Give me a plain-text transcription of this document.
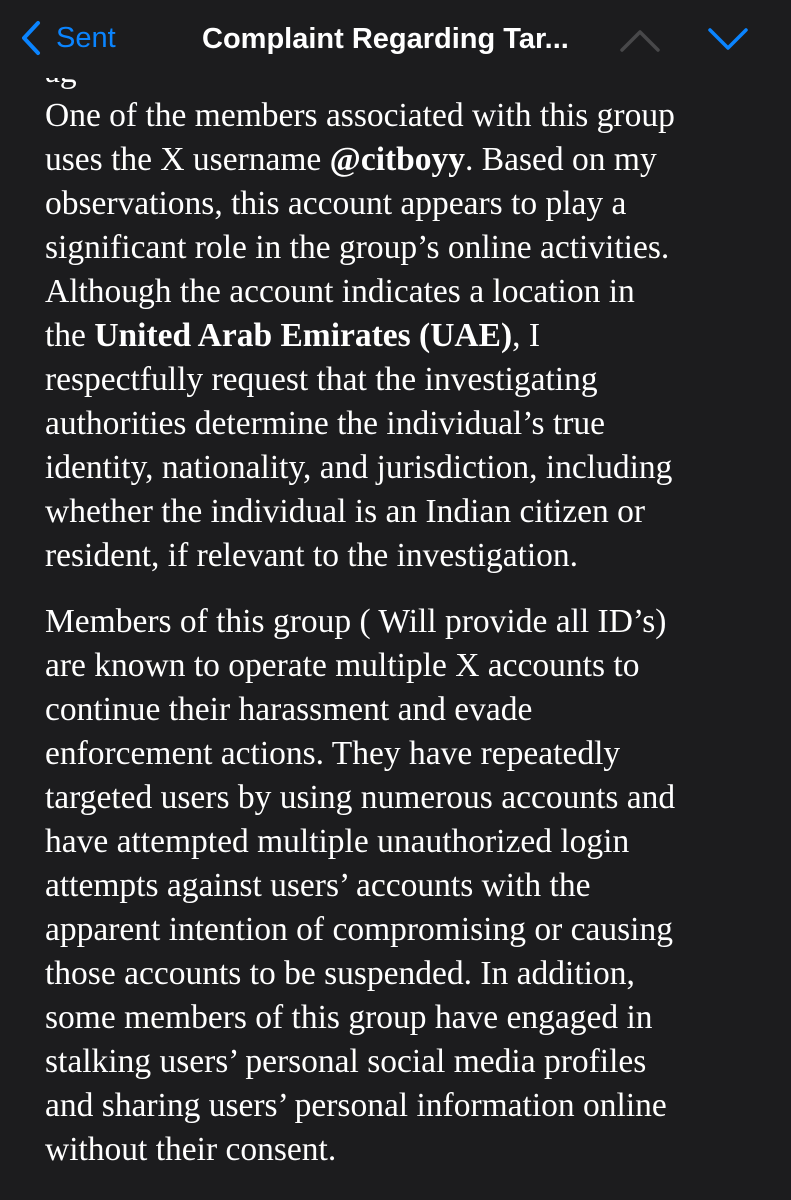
Sent	Complaint Regarding Tar...

One of the members associated with this group
uses the X username @citboyy. Based on my
observations, this account appears to play a
significant role in the group’s online activities.
Although the account indicates a location in
the United Arab Emirates (UAE), I
respectfully request that the investigating
authorities determine the individual’s true
identity, nationality, and jurisdiction, including
whether the individual is an Indian citizen or
resident, if relevant to the investigation.

Members of this group ( Will provide all ID’s)
are known to operate multiple X accounts to
continue their harassment and evade
enforcement actions. They have repeatedly
targeted users by using numerous accounts and
have attempted multiple unauthorized login
attempts against users’ accounts with the
apparent intention of compromising or causing
those accounts to be suspended. In addition,
some members of this group have engaged in
stalking users’ personal social media profiles
and sharing users’ personal information online
without their consent.
